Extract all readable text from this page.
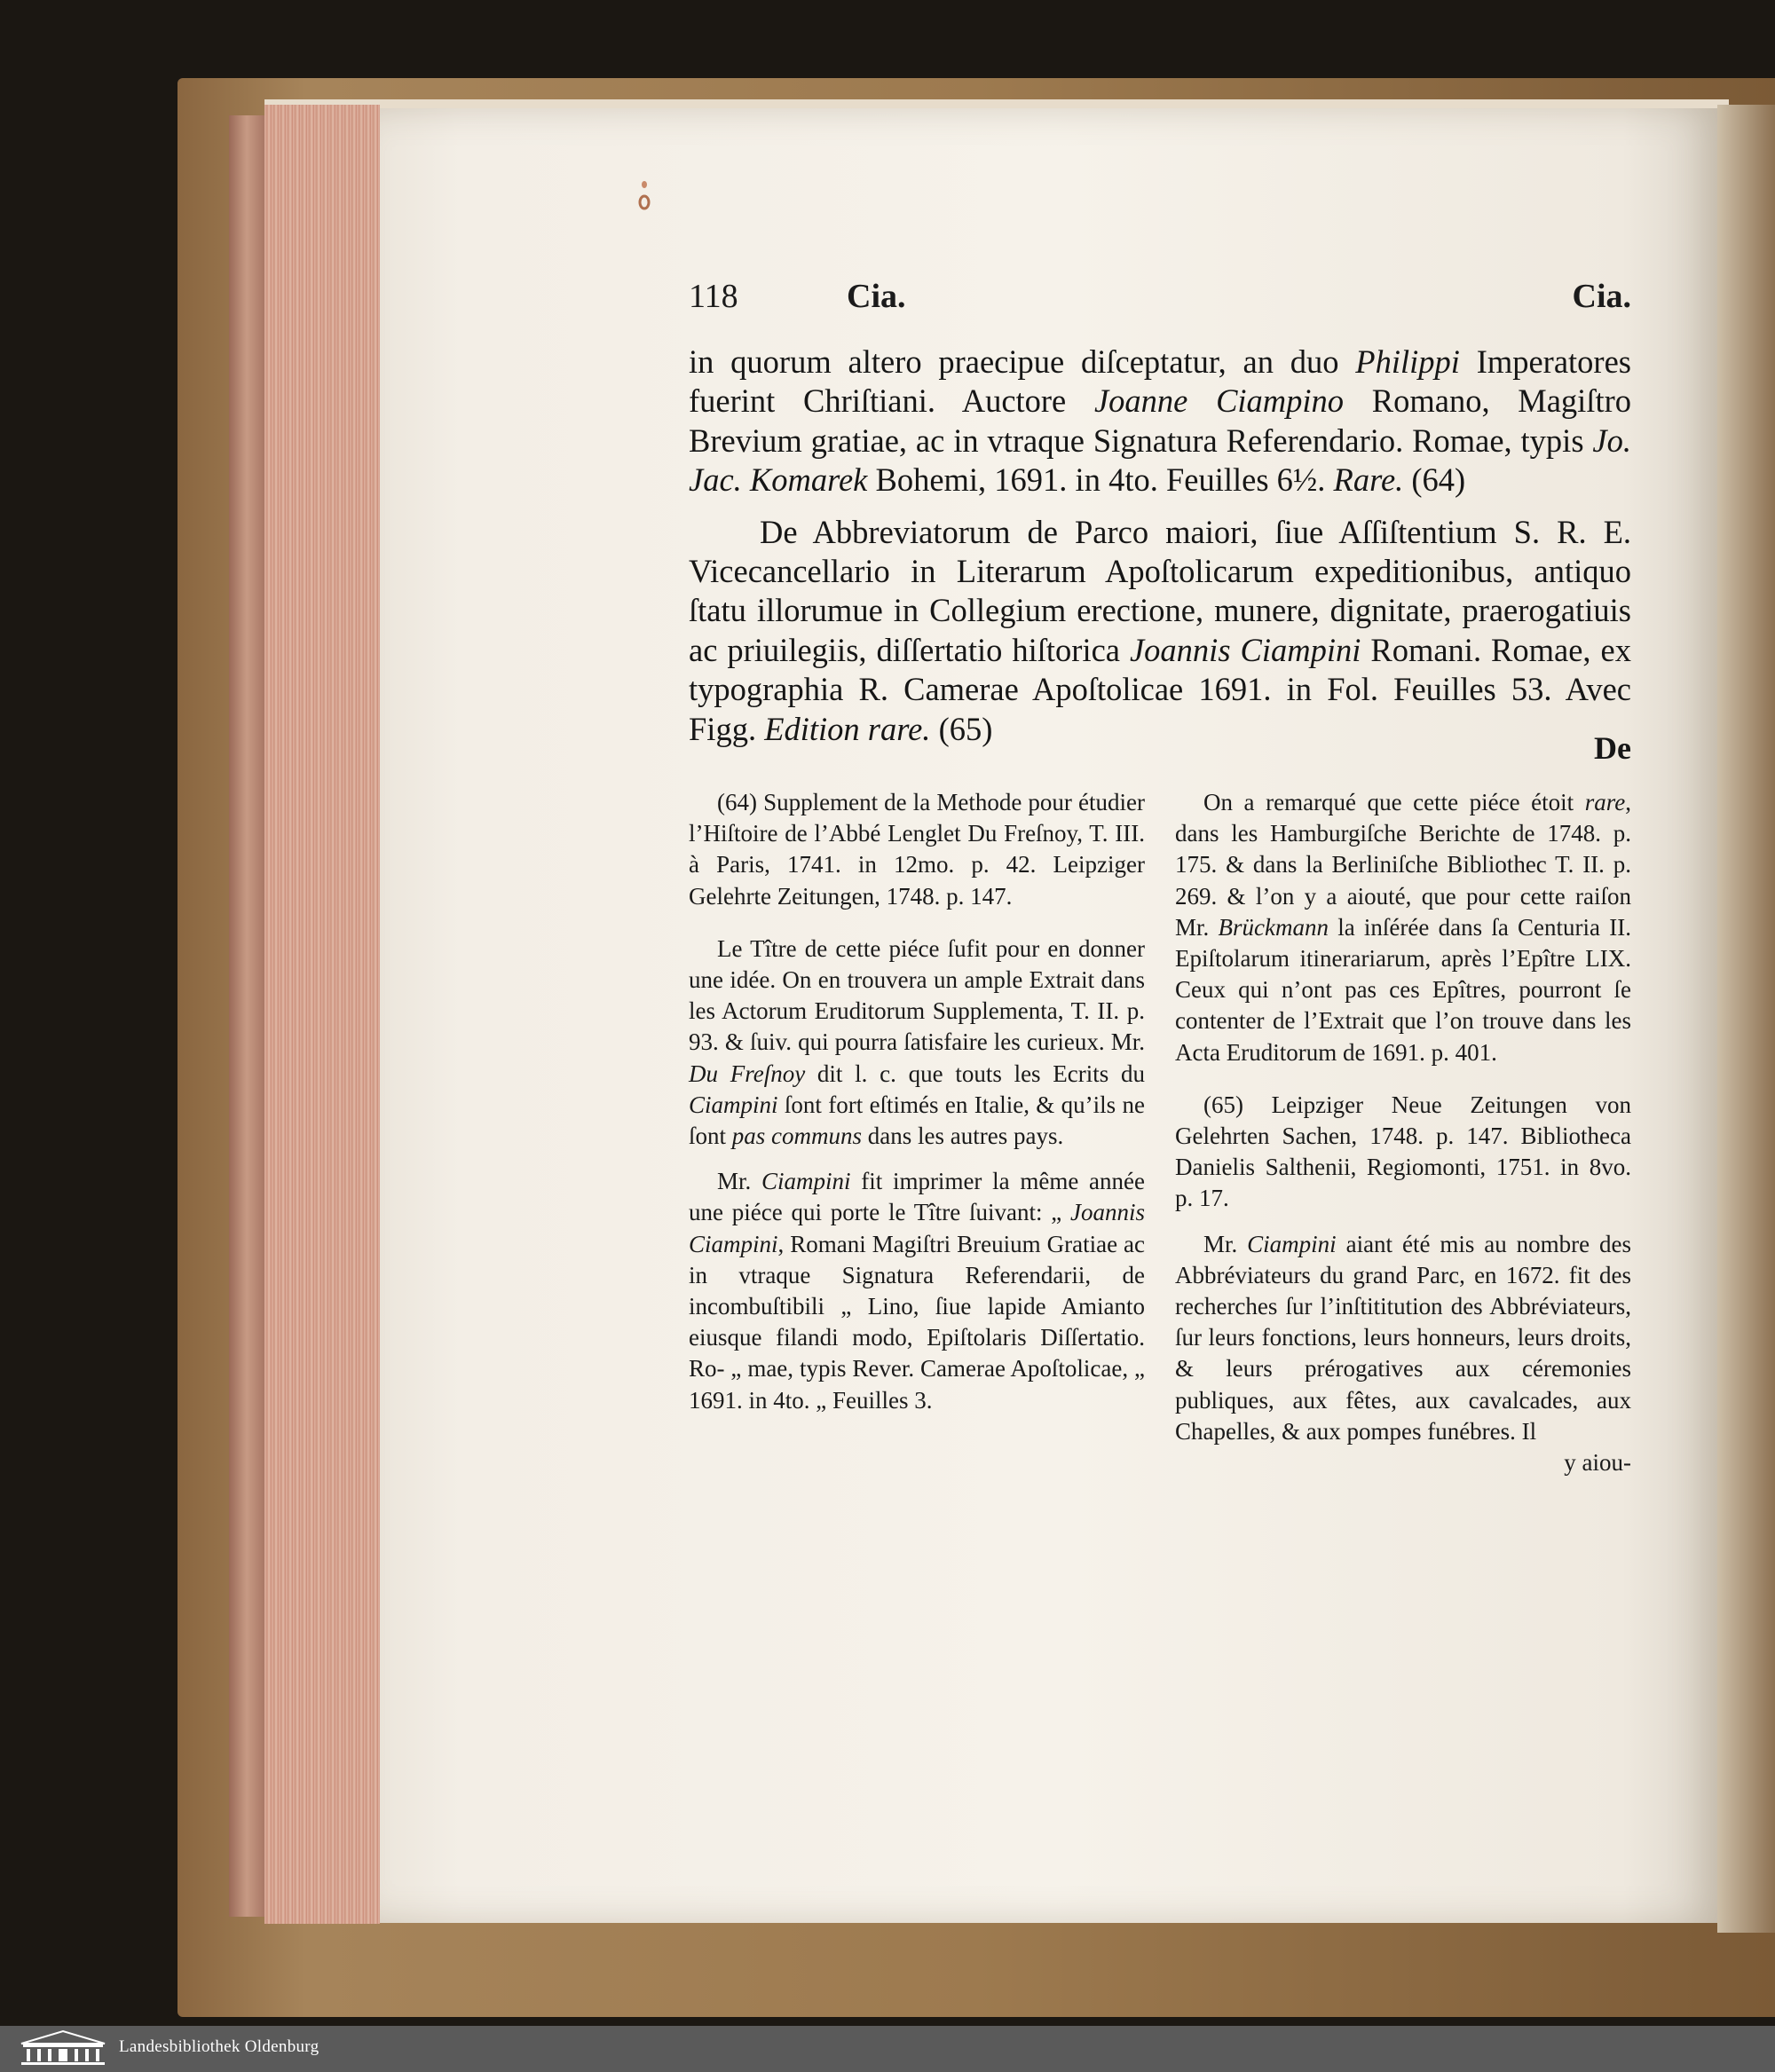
118	Cia.	Cia.

in quorum altero praecipue diſceptatur, an duo Philippi Imperatores fuerint Chriſtiani. Auctore Joanne Ciampino Romano, Magiſtro Brevium gratiae, ac in vtraque Signatura Referendario. Romae, typis Jo. Jac. Komarek Bohemi, 1691. in 4to. Feuilles 6½. Rare. (64)

De Abbreviatorum de Parco maiori, ſiue Aſſiſtentium S. R. E. Vicecancellario in Literarum Apoſtolicarum expeditionibus, antiquo ſtatu illorumue in Collegium erectione, munere, dignitate, praerogatiuis ac priuilegiis, diſſertatio hiſtorica Joannis Ciampini Romani. Romae, ex typographia R. Camerae Apoſtolicae 1691. in Fol. Feuilles 53. Avec Figg. Edition rare. (65)

De

(64) Supplement de la Methode pour étudier l’Hiſtoire de l’Abbé Lenglet Du Freſnoy, T. III. à Paris, 1741. in 12mo. p. 42. Leipziger Gelehrte Zeitungen, 1748. p. 147.

Le Tître de cette piéce ſufit pour en donner une idée. On en trouvera un ample Extrait dans les Actorum Eruditorum Supplementa, T. II. p. 93. & ſuiv. qui pourra ſatisfaire les curieux. Mr. Du Freſnoy dit l. c. que touts les Ecrits du Ciampini ſont fort eſtimés en Italie, & qu’ils ne ſont pas communs dans les autres pays.

Mr. Ciampini fit imprimer la même année une piéce qui porte le Tître ſuivant: „ Joannis Ciampini, Romani Magiſtri Breuium Gratiae ac in vtraque Signatura Referendarii, de incombuſtibili „ Lino, ſiue lapide Amianto eiusque filandi modo, Epiſtolaris Diſſertatio. Ro- „ mae, typis Rever. Camerae Apoſtolicae, „ 1691. in 4to. „ Feuilles 3.

On a remarqué que cette piéce étoit rare, dans les Hamburgiſche Berichte de 1748. p. 175. & dans la Berliniſche Bibliothec T. II. p. 269. & l’on y a aiouté, que pour cette raiſon Mr. Brückmann la inſérée dans ſa Centuria II. Epiſtolarum itinerariarum, après l’Epître LIX. Ceux qui n’ont pas ces Epîtres, pourront ſe contenter de l’Extrait que l’on trouve dans les Acta Eruditorum de 1691. p. 401.

(65) Leipziger Neue Zeitungen von Gelehrten Sachen, 1748. p. 147. Bibliotheca Danielis Salthenii, Regiomonti, 1751. in 8vo. p. 17.

Mr. Ciampini aiant été mis au nombre des Abbréviateurs du grand Parc, en 1672. fit des recherches ſur l’inſtititution des Abbréviateurs, ſur leurs fonctions, leurs honneurs, leurs droits, & leurs prérogatives aux céremonies publiques, aux fêtes, aux cavalcades, aux Chapelles, & aux pompes funébres. Il

y aiou-

Landesbibliothek Oldenburg
